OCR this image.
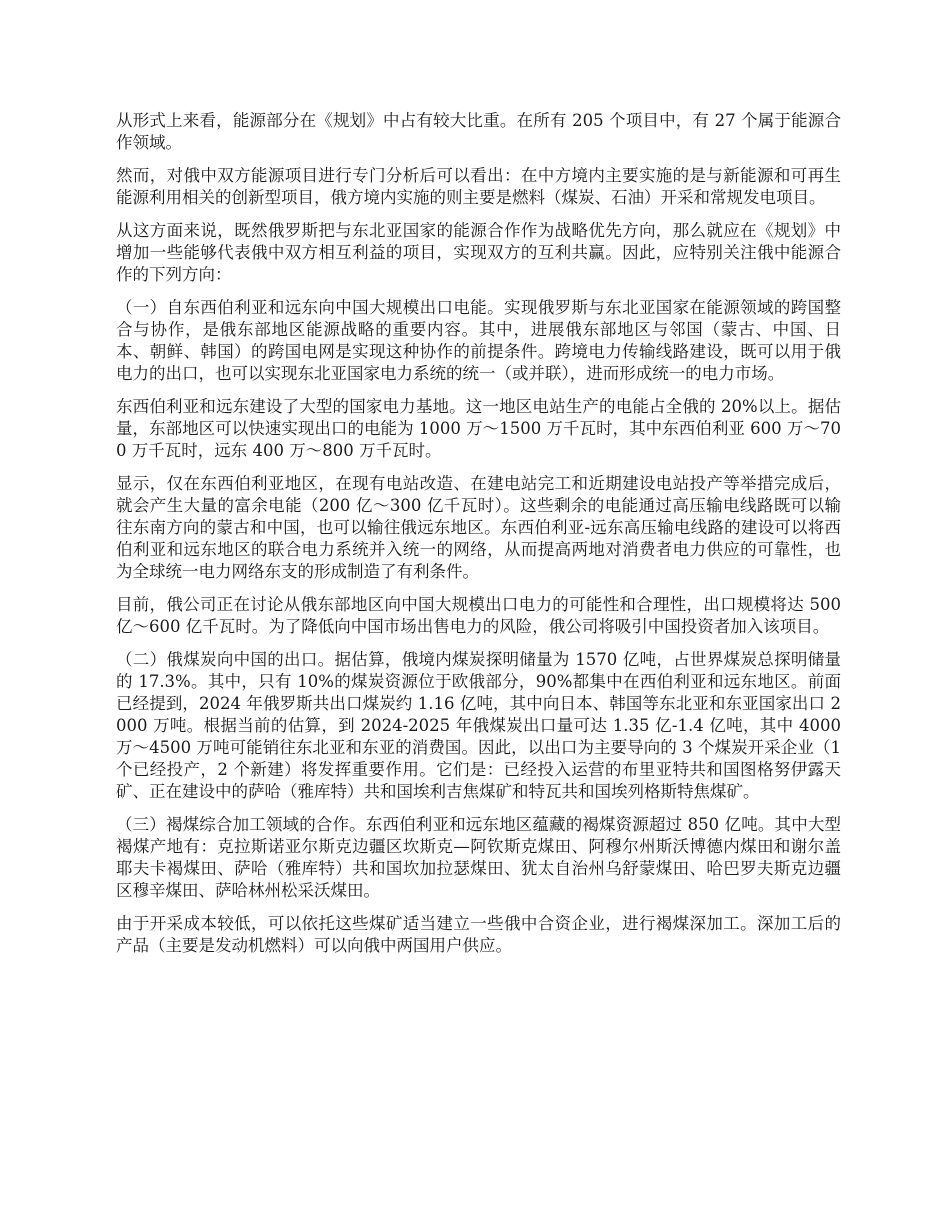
从形式上来看，能源部分在《规划》中占有较大比重。在所有 205 个项目中，有 27 个属于能源合作领域。

然而，对俄中双方能源项目进行专门分析后可以看出：在中方境内主要实施的是与新能源和可再生能源利用相关的创新型项目，俄方境内实施的则主要是燃料（煤炭、石油）开采和常规发电项目。

从这方面来说，既然俄罗斯把与东北亚国家的能源合作作为战略优先方向，那么就应在《规划》中增加一些能够代表俄中双方相互利益的项目，实现双方的互利共赢。因此，应特别关注俄中能源合作的下列方向：

（一）自东西伯利亚和远东向中国大规模出口电能。实现俄罗斯与东北亚国家在能源领域的跨国整合与协作，是俄东部地区能源战略的重要内容。其中，进展俄东部地区与邻国（蒙古、中国、日本、朝鲜、韩国）的跨国电网是实现这种协作的前提条件。跨境电力传输线路建设，既可以用于俄电力的出口，也可以实现东北亚国家电力系统的统一（或并联），进而形成统一的电力市场。

东西伯利亚和远东建设了大型的国家电力基地。这一地区电站生产的电能占全俄的 20%以上。据估量，东部地区可以快速实现出口的电能为 1000 万～1500 万千瓦时，其中东西伯利亚 600 万～700 万千瓦时，远东 400 万～800 万千瓦时。

显示，仅在东西伯利亚地区，在现有电站改造、在建电站完工和近期建设电站投产等举措完成后，就会产生大量的富余电能（200 亿～300 亿千瓦时）。这些剩余的电能通过高压输电线路既可以输往东南方向的蒙古和中国，也可以输往俄远东地区。东西伯利亚-远东高压输电线路的建设可以将西伯利亚和远东地区的联合电力系统并入统一的网络，从而提高两地对消费者电力供应的可靠性，也为全球统一电力网络东支的形成制造了有利条件。

目前，俄公司正在讨论从俄东部地区向中国大规模出口电力的可能性和合理性，出口规模将达 500 亿～600 亿千瓦时。为了降低向中国市场出售电力的风险，俄公司将吸引中国投资者加入该项目。

（二）俄煤炭向中国的出口。据估算，俄境内煤炭探明储量为 1570 亿吨，占世界煤炭总探明储量的 17.3%。其中，只有 10%的煤炭资源位于欧俄部分，90%都集中在西伯利亚和远东地区。前面已经提到，2024 年俄罗斯共出口煤炭约 1.16 亿吨，其中向日本、韩国等东北亚和东亚国家出口 2000 万吨。根据当前的估算，到 2024-2025 年俄煤炭出口量可达 1.35 亿-1.4 亿吨，其中 4000 万～4500 万吨可能销往东北亚和东亚的消费国。因此，以出口为主要导向的 3 个煤炭开采企业（1 个已经投产，2 个新建）将发挥重要作用。它们是：已经投入运营的布里亚特共和国图格努伊露天矿、正在建设中的萨哈（雅库特）共和国埃利吉焦煤矿和特瓦共和国埃列格斯特焦煤矿。

（三）褐煤综合加工领域的合作。东西伯利亚和远东地区蕴藏的褐煤资源超过 850 亿吨。其中大型褐煤产地有：克拉斯诺亚尔斯克边疆区坎斯克—阿钦斯克煤田、阿穆尔州斯沃博德内煤田和谢尔盖耶夫卡褐煤田、萨哈（雅库特）共和国坎加拉瑟煤田、犹太自治州乌舒蒙煤田、哈巴罗夫斯克边疆区穆辛煤田、萨哈林州松采沃煤田。

由于开采成本较低，可以依托这些煤矿适当建立一些俄中合资企业，进行褐煤深加工。深加工后的产品（主要是发动机燃料）可以向俄中两国用户供应。
